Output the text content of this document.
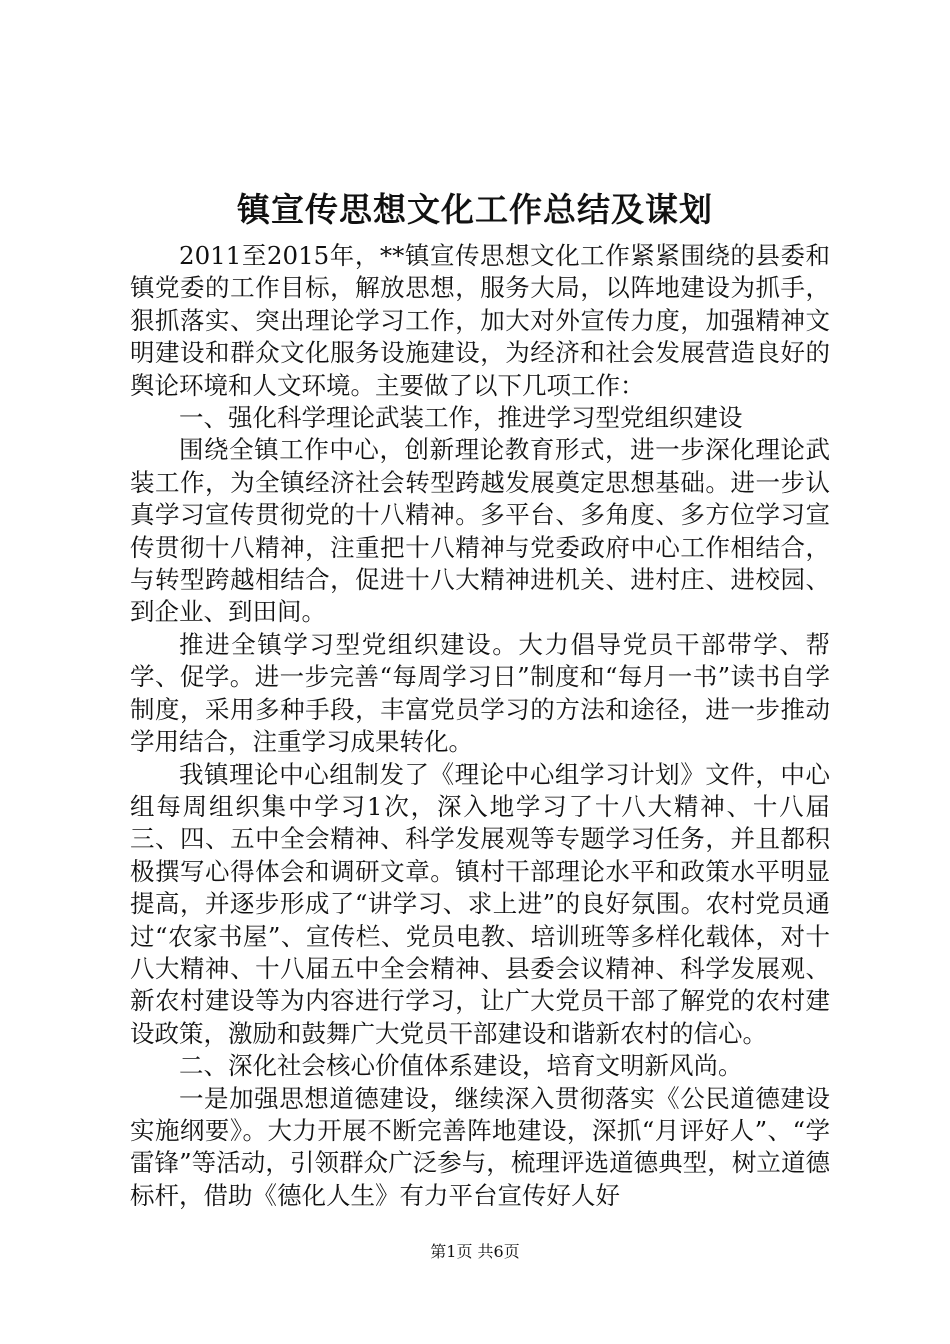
镇宣传思想文化工作总结及谋划

2011至2015年，**镇宣传思想文化工作紧紧围绕的县委和镇党委的工作目标，解放思想，服务大局，以阵地建设为抓手，狠抓落实、突出理论学习工作，加大对外宣传力度，加强精神文明建设和群众文化服务设施建设，为经济和社会发展营造良好的舆论环境和人文环境。主要做了以下几项工作：

一、强化科学理论武装工作，推进学习型党组织建设

围绕全镇工作中心，创新理论教育形式，进一步深化理论武装工作，为全镇经济社会转型跨越发展奠定思想基础。进一步认真学习宣传贯彻党的十八精神。多平台、多角度、多方位学习宣传贯彻十八精神，注重把十八精神与党委政府中心工作相结合，与转型跨越相结合，促进十八大精神进机关、进村庄、进校园、到企业、到田间。

推进全镇学习型党组织建设。大力倡导党员干部带学、帮学、促学。进一步完善“每周学习日”制度和“每月一书”读书自学制度，采用多种手段，丰富党员学习的方法和途径，进一步推动学用结合，注重学习成果转化。

我镇理论中心组制发了《理论中心组学习计划》文件，中心组每周组织集中学习1次，深入地学习了十八大精神、十八届三、四、五中全会精神、科学发展观等专题学习任务，并且都积极撰写心得体会和调研文章。镇村干部理论水平和政策水平明显提高，并逐步形成了“讲学习、求上进”的良好氛围。农村党员通过“农家书屋”、宣传栏、党员电教、培训班等多样化载体，对十八大精神、十八届五中全会精神、县委会议精神、科学发展观、新农村建设等为内容进行学习，让广大党员干部了解党的农村建设政策，激励和鼓舞广大党员干部建设和谐新农村的信心。

二、深化社会核心价值体系建设，培育文明新风尚。

一是加强思想道德建设，继续深入贯彻落实《公民道德建设实施纲要》。大力开展不断完善阵地建设，深抓“月评好人”、“学雷锋”等活动，引领群众广泛参与，梳理评选道德典型，树立道德标杆，借助《德化人生》有力平台宣传好人好

第1页 共6页
